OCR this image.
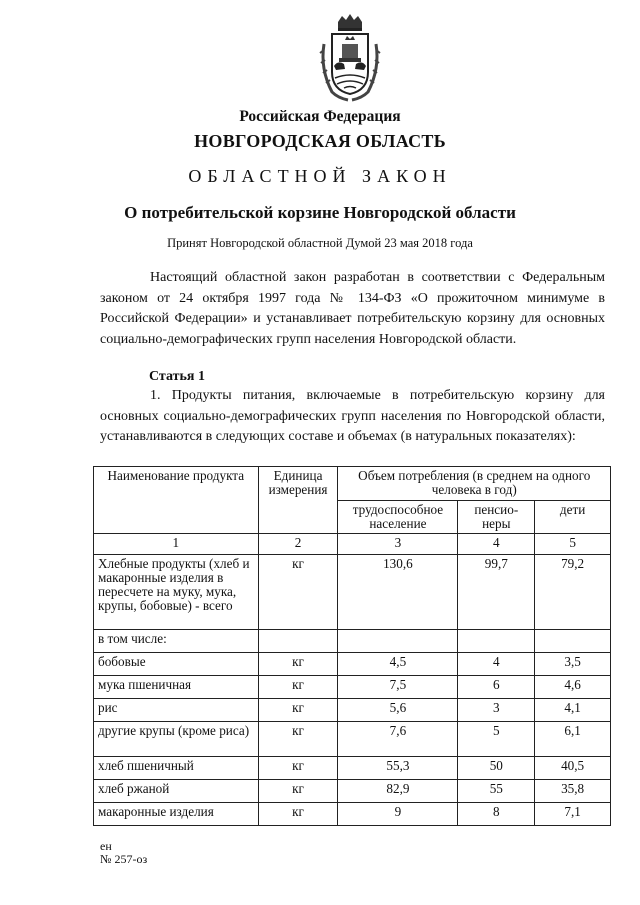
Российская Федерация
НОВГОРОДСКАЯ ОБЛАСТЬ
ОБЛАСТНОЙ ЗАКОН
О потребительской корзине Новгородской области
Принят Новгородской областной Думой 23 мая 2018 года

Настоящий областной закон разработан в соответствии с Федеральным законом от 24 октября 1997 года № 134-ФЗ «О прожиточном минимуме в Российской Федерации» и устанавливает потребительскую корзину для основных социально-демографических групп населения Новгородской области.

Статья 1

1. Продукты питания, включаемые в потребительскую корзину для основных социально-демографических групп населения по Новгородской области, устанавливаются в следующих составе и объемах (в натуральных показателях):

Наименование продукта	Единица измерения	Объем потребления (в среднем на одного человека в год)		
		трудоспособное население	пенсио-неры	дети
1	2	3	4	5
Хлебные продукты (хлеб и макаронные изделия в пересчете на муку, мука, крупы, бобовые) - всего	кг	130,6	99,7	79,2
в том числе:				
бобовые	кг	4,5	4	3,5
мука пшеничная	кг	7,5	6	4,6
рис	кг	5,6	3	4,1
другие крупы (кроме риса)	кг	7,6	5	6,1
хлеб пшеничный	кг	55,3	50	40,5
хлеб ржаной	кг	82,9	55	35,8
макаронные изделия	кг	9	8	7,1
ен
№ 257-оз
